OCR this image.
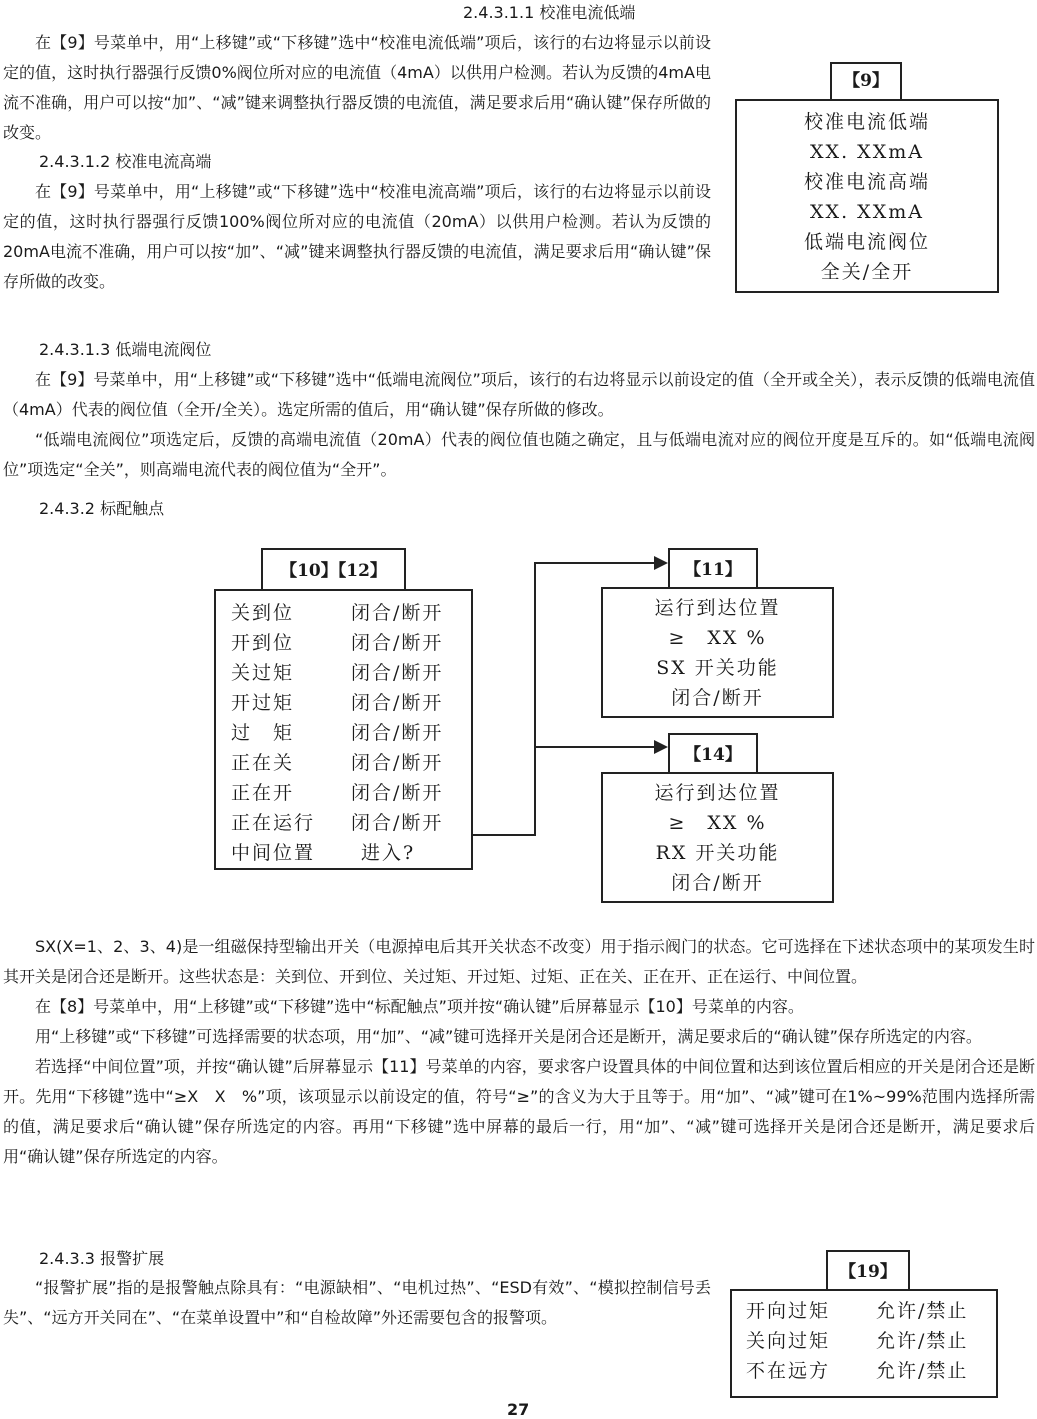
2.4.3.1.1 校准电流低端

在【9】号菜单中，用“上移键”或“下移键”选中“校准电流低端”项后，该行的右边将显示以前设定的值，这时执行器强行反馈0%阀位所对应的电流值（4mA）以供用户检测。若认为反馈的4mA电流不准确，用户可以按“加”、“减”键来调整执行器反馈的电流值，满足要求后用“确认键”保存所做的改变。

2.4.3.1.2 校准电流高端

在【9】号菜单中，用“上移键”或“下移键”选中“校准电流高端”项后，该行的右边将显示以前设定的值，这时执行器强行反馈100%阀位所对应的电流值（20mA）以供用户检测。若认为反馈的20mA电流不准确，用户可以按“加”、“减”键来调整执行器反馈的电流值，满足要求后用“确认键”保存所做的改变。

【9】
校准电流低端
XX. XXmA
校准电流高端
XX. XXmA
低端电流阀位
全关/全开
2.4.3.1.3 低端电流阀位

在【9】号菜单中，用“上移键”或“下移键”选中“低端电流阀位”项后，该行的右边将显示以前设定的值（全开或全关），表示反馈的低端电流值（4mA）代表的阀位值（全开/全关）。选定所需的值后，用“确认键”保存所做的修改。

“低端电流阀位”项选定后，反馈的高端电流值（20mA）代表的阀位值也随之确定，且与低端电流对应的阀位开度是互斥的。如“低端电流阀位”项选定“全关”，则高端电流代表的阀位值为“全开”。

2.4.3.2 标配触点
【10】【12】
关到位	闭合/断开
开到位	闭合/断开
关过矩	闭合/断开
开过矩	闭合/断开
过　矩	闭合/断开
正在关	闭合/断开
正在开	闭合/断开
正在运行 闭合/断开
中间位置 进入?
【11】
运行到达位置
≥　XX %
SX 开关功能
闭合/断开
【14】
运行到达位置
≥　XX %
RX 开关功能
闭合/断开

SX(X=1、2、3、4)是一组磁保持型输出开关（电源掉电后其开关状态不改变）用于指示阀门的状态。它可选择在下述状态项中的某项发生时其开关是闭合还是断开。这些状态是：关到位、开到位、关过矩、开过矩、过矩、正在关、正在开、正在运行、中间位置。

在【8】号菜单中，用“上移键”或“下移键”选中“标配触点”项并按“确认键”后屏幕显示【10】号菜单的内容。

用“上移键”或“下移键”可选择需要的状态项，用“加”、“减”键可选择开关是闭合还是断开，满足要求后的“确认键”保存所选定的内容。

若选择“中间位置”项，并按“确认键”后屏幕显示【11】号菜单的内容，要求客户设置具体的中间位置和达到该位置后相应的开关是闭合还是断开。先用“下移键”选中“≥X　X　%”项，该项显示以前设定的值，符号“≥”的含义为大于且等于。用“加”、“减”键可在1%~99%范围内选择所需的值，满足要求后“确认键”保存所选定的内容。再用“下移键”选中屏幕的最后一行，用“加”、“减”键可选择开关是闭合还是断开，满足要求后用“确认键”保存所选定的内容。

2.4.3.3 报警扩展

“报警扩展”指的是报警触点除具有：“电源缺相”、“电机过热”、“ESD有效”、“模拟控制信号丢失”、“远方开关同在”、“在菜单设置中”和“自检故障”外还需要包含的报警项。

【19】
开向过矩 允许/禁止
关向过矩 允许/禁止
不在远方 允许/禁止
27
